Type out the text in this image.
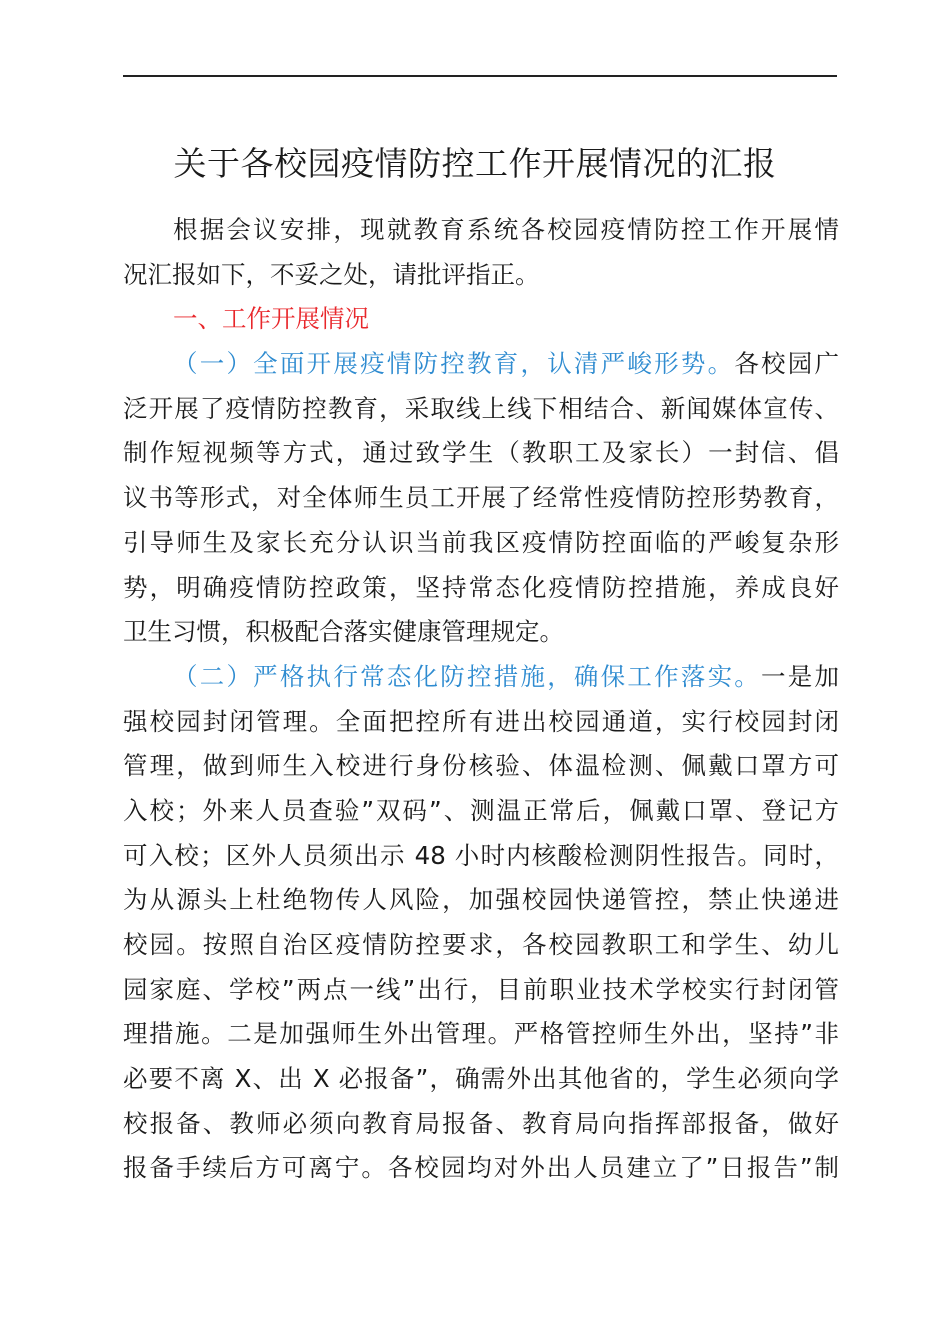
关于各校园疫情防控工作开展情况的汇报
根据会议安排，现就教育系统各校园疫情防控工作开展情
况汇报如下，不妥之处，请批评指正。
一、工作开展情况
（一）全面开展疫情防控教育，认清严峻形势。各校园广
泛开展了疫情防控教育，采取线上线下相结合、新闻媒体宣传、
制作短视频等方式，通过致学生（教职工及家长）一封信、倡
议书等形式，对全体师生员工开展了经常性疫情防控形势教育，
引导师生及家长充分认识当前我区疫情防控面临的严峻复杂形
势，明确疫情防控政策，坚持常态化疫情防控措施，养成良好
卫生习惯，积极配合落实健康管理规定。
（二）严格执行常态化防控措施，确保工作落实。一是加
强校园封闭管理。全面把控所有进出校园通道，实行校园封闭
管理，做到师生入校进行身份核验、体温检测、佩戴口罩方可
入校；外来人员查验”双码”、测温正常后，佩戴口罩、登记方
可入校；区外人员须出示 48 小时内核酸检测阴性报告。同时，
为从源头上杜绝物传人风险，加强校园快递管控，禁止快递进
校园。按照自治区疫情防控要求，各校园教职工和学生、幼儿
园家庭、学校”两点一线”出行，目前职业技术学校实行封闭管
理措施。二是加强师生外出管理。严格管控师生外出，坚持”非
必要不离 X、出 X 必报备”，确需外出其他省的，学生必须向学
校报备、教师必须向教育局报备、教育局向指挥部报备，做好
报备手续后方可离宁。各校园均对外出人员建立了”日报告”制
